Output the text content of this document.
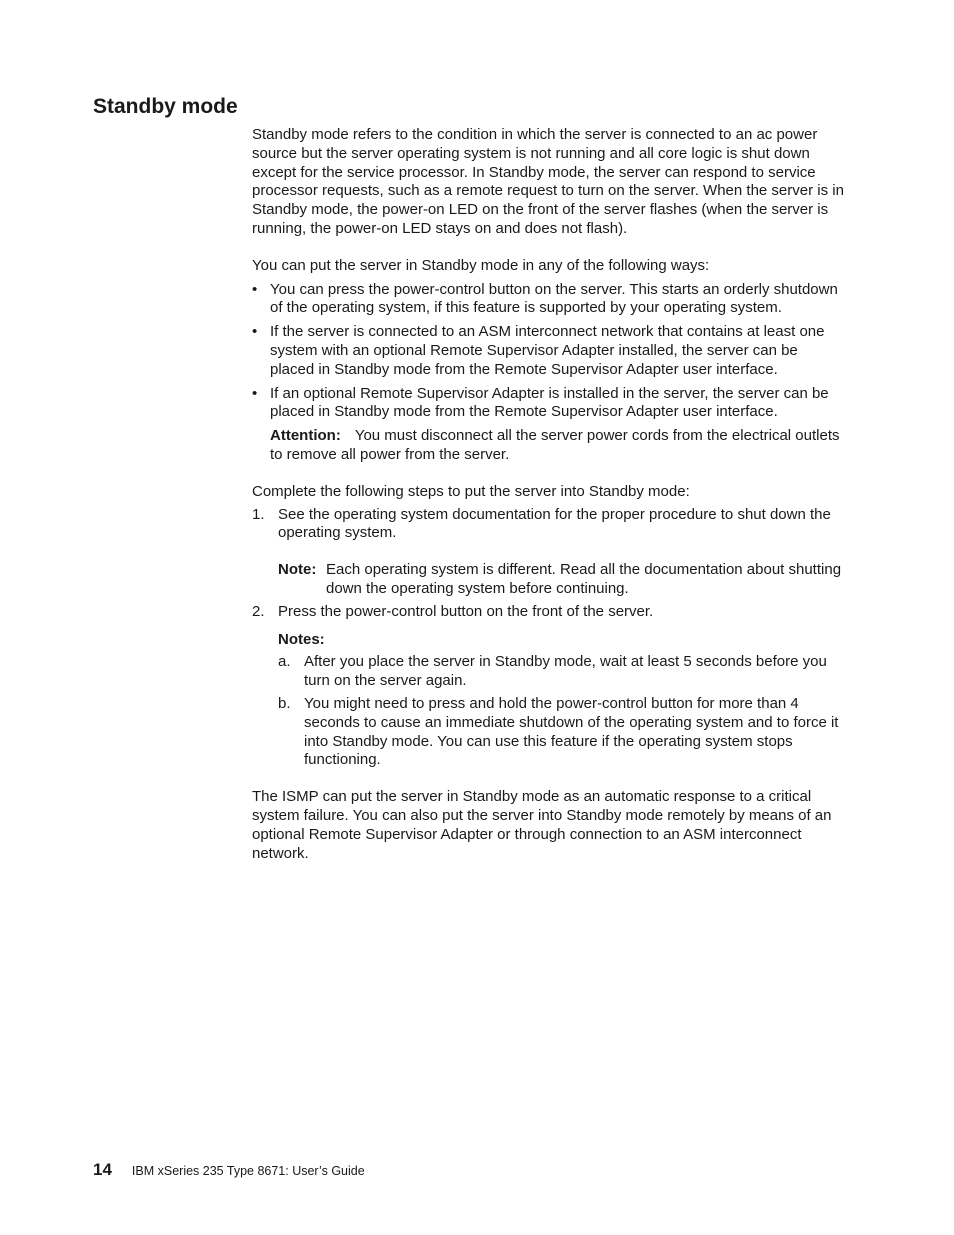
Standby mode

Standby mode refers to the condition in which the server is connected to an ac power source but the server operating system is not running and all core logic is shut down except for the service processor. In Standby mode, the server can respond to service processor requests, such as a remote request to turn on the server. When the server is in Standby mode, the power-on LED on the front of the server flashes (when the server is running, the power-on LED stays on and does not flash).

You can put the server in Standby mode in any of the following ways:

• You can press the power-control button on the server. This starts an orderly shutdown of the operating system, if this feature is supported by your operating system.
• If the server is connected to an ASM interconnect network that contains at least one system with an optional Remote Supervisor Adapter installed, the server can be placed in Standby mode from the Remote Supervisor Adapter user interface.
• If an optional Remote Supervisor Adapter is installed in the server, the server can be placed in Standby mode from the Remote Supervisor Adapter user interface.
Attention: You must disconnect all the server power cords from the electrical outlets to remove all power from the server.

Complete the following steps to put the server into Standby mode:

1. See the operating system documentation for the proper procedure to shut down the operating system.
Note: Each operating system is different. Read all the documentation about shutting down the operating system before continuing.
2. Press the power-control button on the front of the server.
Notes:
a. After you place the server in Standby mode, wait at least 5 seconds before you turn on the server again.
b. You might need to press and hold the power-control button for more than 4 seconds to cause an immediate shutdown of the operating system and to force it into Standby mode. You can use this feature if the operating system stops functioning.

The ISMP can put the server in Standby mode as an automatic response to a critical system failure. You can also put the server into Standby mode remotely by means of an optional Remote Supervisor Adapter or through connection to an ASM interconnect network.

14 IBM xSeries 235 Type 8671: User’s Guide
